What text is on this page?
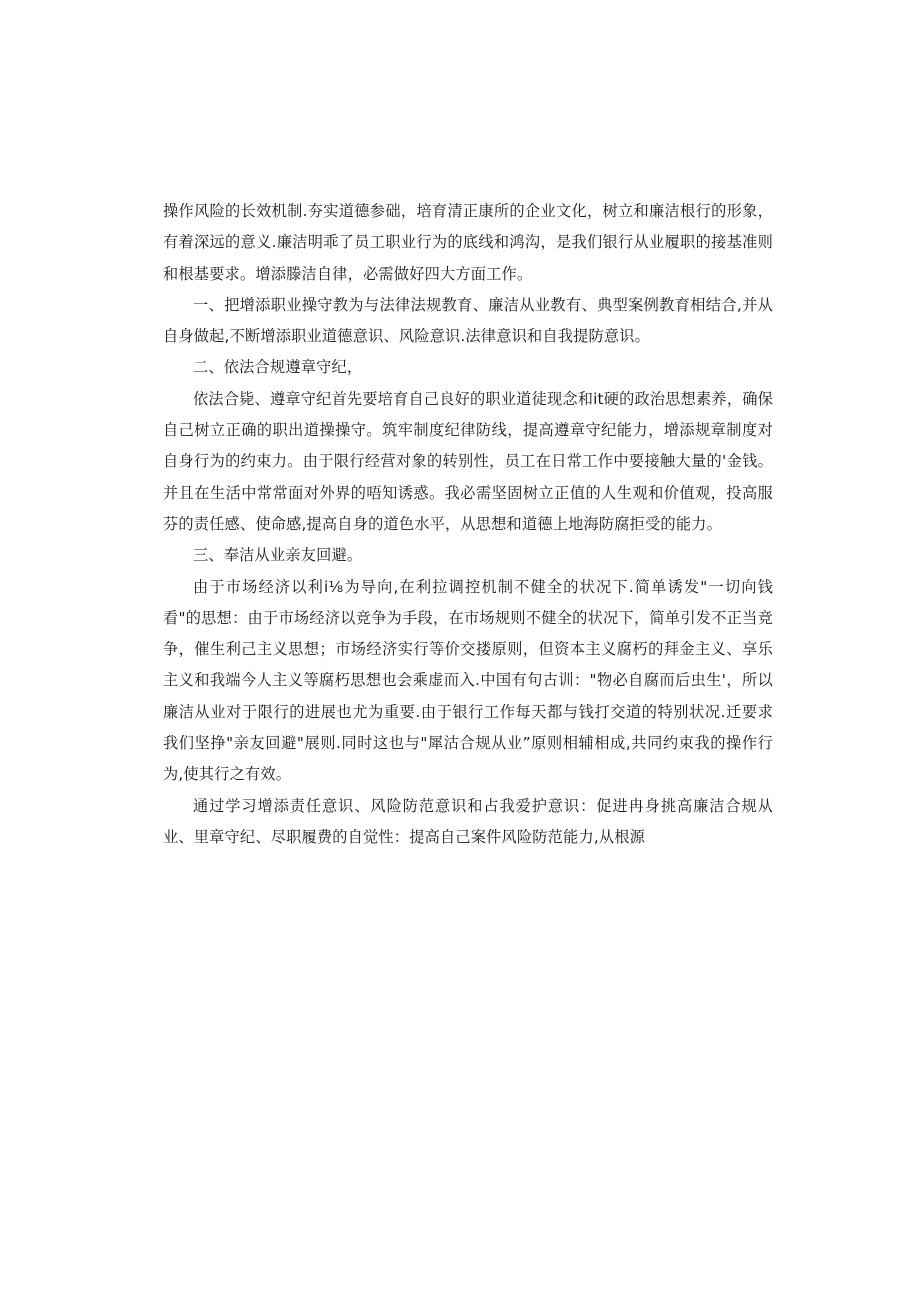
操作风险的长效机制.夯实道德参础，培育清正康所的企业文化，树立和廉洁根行的形象，有着深远的意义.廉洁明乖了员工职业行为的底线和鸿沟，是我们银行从业履职的接基准则和根基要求。增添滕洁自律，必需做好四大方面工作。

一、把增添职业操守教为与法律法规教育、廉洁从业教有、典型案例教育相结合,并从自身做起,不断增添职业道德意识、风险意识.法律意识和自我提防意识。

二、依法合规遵章守纪，

依法合毙、遵章守纪首先要培育自己良好的职业道徒现念和it硬的政治思想素养，确保自己树立正确的职出道操操守。筑牢制度纪律防线，提高遵章守纪能力，增添规章制度对自身行为的约束力。由于限行经营对象的转别性，员工在日常工作中要接触大量的'金钱。并且在生活中常常面对外界的唔知诱惑。我必需坚固树立正值的人生观和价值观，投高服芬的责任感、使命感,提高自身的道色水平，从思想和道德上地海防腐拒受的能力。

三、奉洁从业亲友回避。

由于市场经济以利i⅛为导向,在利拉调控机制不健全的状况下.简单诱发"一切向钱看"的思想：由于市场经济以竞争为手段，在市场规则不健全的状况下，简单引发不正当竞争，催生利己主义思想；市场经济实行等价交搂原则，但资本主义腐朽的拜金主义、享乐主义和我端今人主义等腐朽思想也会乘虚而入.中国有句古训："物必自腐而后虫生'，所以廉洁从业对于限行的进展也尤为重要.由于银行工作每天都与钱打交道的特别状况.迁要求我们坚挣"亲友回避"展则.同时这也与"犀沽合规从业”原则相辅相成,共同约束我的操作行为,使其行之有效。

通过学习增添责任意识、风险防范意识和占我爱护意识：促进冉身挑高廉洁合规从业、里章守纪、尽职履费的自觉性：提高自己案件风险防范能力,从根源
